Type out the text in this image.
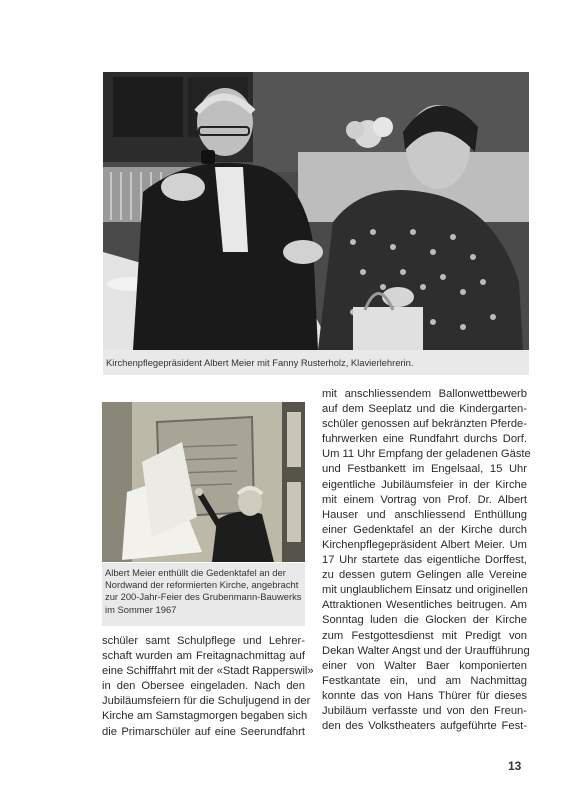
Kirchenpflegepräsident Albert Meier mit Fanny Rusterholz, Klavierlehrerin.
Albert Meier enthüllt die Gedenktafel an der
Nordwand der reformierten Kirche, angebracht
zur 200-Jahr-Feier des Grubenmann-Bauwerks
im Sommer 1967
mit anschliessendem Ballonwettbewerb
auf dem Seeplatz und die Kindergarten-
schüler genossen auf bekränzten Pferde-
fuhrwerken eine Rundfahrt durchs Dorf.
Um 11 Uhr Empfang der geladenen Gäste
und Festbankett im Engelsaal, 15 Uhr
eigentliche Jubiläumsfeier in der Kirche
mit einem Vortrag von Prof. Dr. Albert
Hauser und anschliessend Enthüllung
einer Gedenktafel an der Kirche durch
Kirchenpflegepräsident Albert Meier. Um
17 Uhr startete das eigentliche Dorffest,
zu dessen gutem Gelingen alle Vereine
mit unglaublichem Einsatz und originellen
Attraktionen Wesentliches beitrugen. Am
Sonntag luden die Glocken der Kirche
zum Festgottesdienst mit Predigt von
Dekan Walter Angst und der Uraufführung
einer von Walter Baer komponierten
Festkantate ein, und am Nachmittag
konnte das von Hans Thürer für dieses
Jubiläum verfasste und von den Freun-
den des Volkstheaters aufgeführte Fest-
schüler samt Schulpflege und Lehrer-
schaft wurden am Freitagnachmittag auf
eine Schifffahrt mit der «Stadt Rapperswil»
in den Obersee eingeladen. Nach den
Jubiläumsfeiern für die Schuljugend in der
Kirche am Samstagmorgen begaben sich
die Primarschüler auf eine Seerundfahrt
13
